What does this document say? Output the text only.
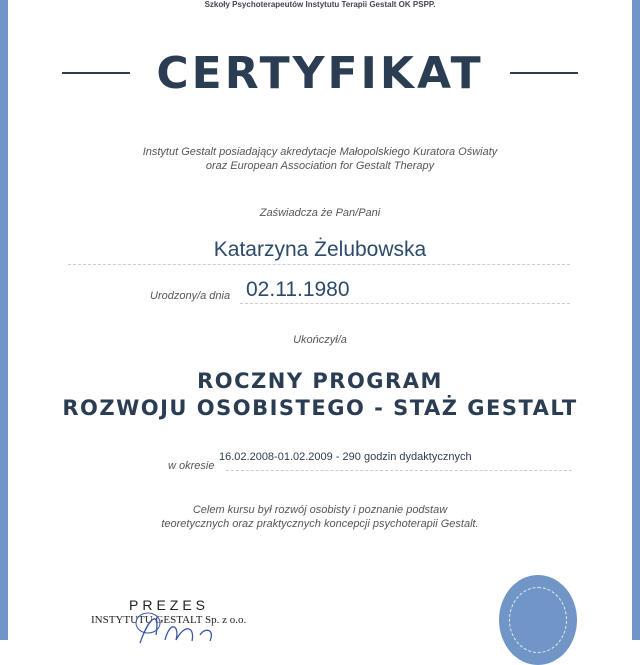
Szkoły Psychoterapeutów Instytutu Terapii Gestalt OK PSPP.
CERTYFIKAT
Instytut Gestalt posiadający akredytacje Małopolskiego Kuratora Oświaty
oraz European Association for Gestalt Therapy
Zaświadcza że Pan/Pani
Katarzyna Żelubowska
Urodzony/a dnia 02.11.1980
Ukończył/a
ROCZNY PROGRAM
ROZWOJU OSOBISTEGO - STAŻ GESTALT
w okresie
16.02.2008-01.02.2009 - 290 godzin dydaktycznych
Celem kursu był rozwój osobisty i poznanie podstaw
teoretycznych oraz praktycznych koncepcji psychoterapii Gestalt.
PREZES
INSTYTUTU GESTALT Sp. z o.o.
